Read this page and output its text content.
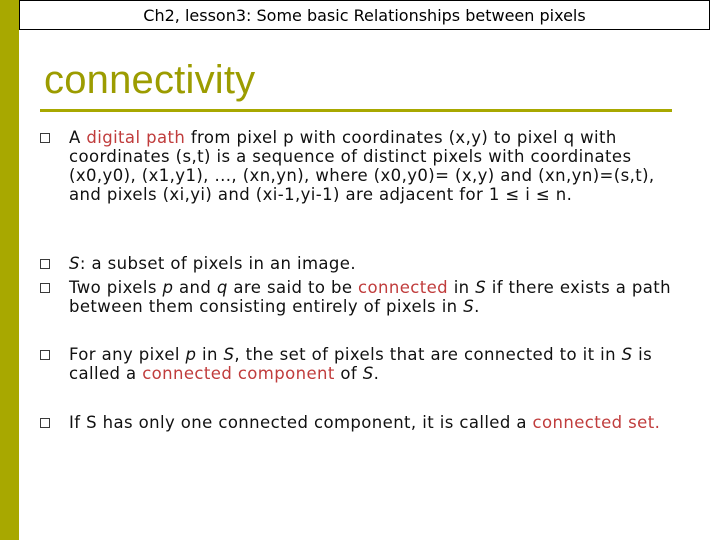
Ch2, lesson3: Some basic Relationships between pixels
connectivity
A digital path from pixel p with coordinates (x,y) to pixel q with coordinates (s,t) is a sequence of distinct pixels with coordinates (x0,y0), (x1,y1), ..., (xn,yn), where (x0,y0)= (x,y) and (xn,yn)=(s,t), and pixels (xi,yi) and (xi-1,yi-1) are adjacent for 1 ≤ i ≤ n.
S: a subset of pixels in an image.
Two pixels p and q are said to be connected in S if there exists a path between them consisting entirely of pixels in S.
For any pixel p in S, the set of pixels that are connected to it in S is called a connected component of S.
If S has only one connected component, it is called a connected set.
